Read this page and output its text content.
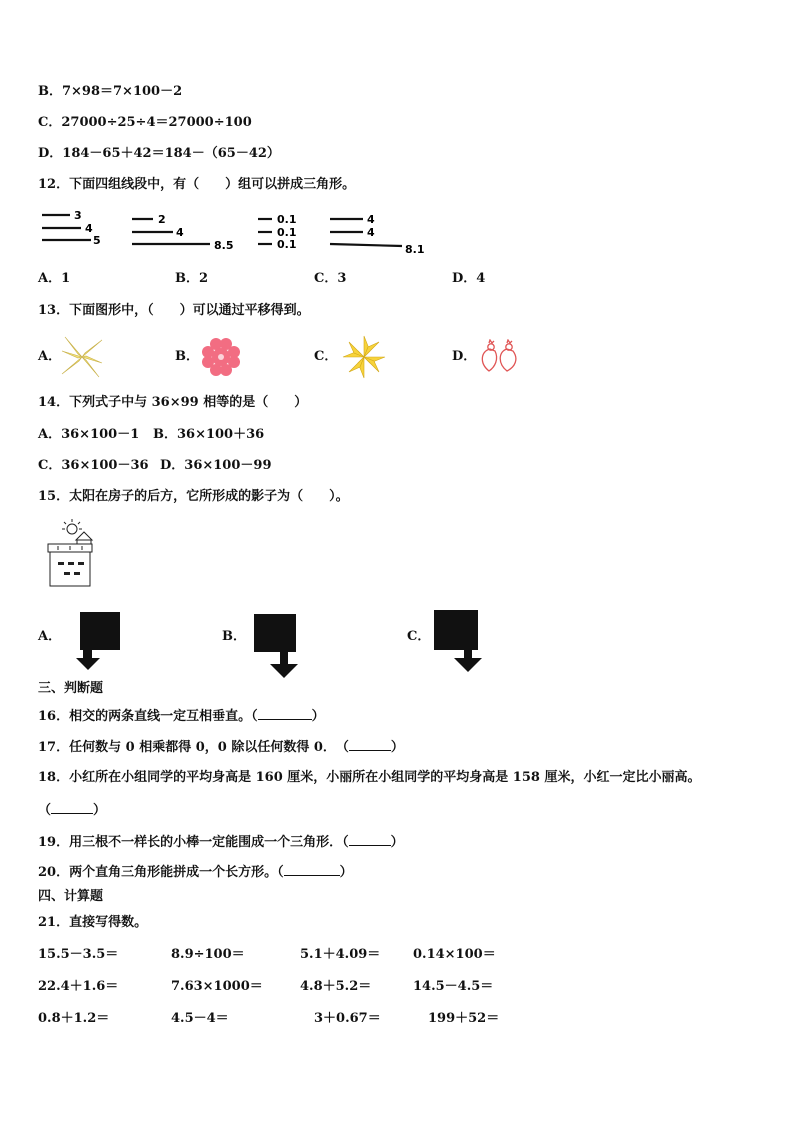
B．7×98＝7×100－2
C．27000÷25÷4＝27000÷100
D．184－65＋42＝184－（65－42）
12．下面四组线段中，有（　　）组可以拼成三角形。
3
4
5
2
4
8.5
0.1
0.1
0.1
4
4
8.1
A．1	B．2	C．3	D．4
13．下面图形中，（　　）可以通过平移得到。
A．	B．	C．	D．
14．下列式子中与 36×99 相等的是（　　）
A．36×100－1 B．36×100＋36
C．36×100－36 D．36×100－99
15．太阳在房子的后方，它所形成的影子为（　　）。
A．	B．	C．
三、判断题
16．相交的两条直线一定互相垂直。（	）
17．任何数与 0 相乘都得 0，0 除以任何数得 0．　（	）
18．小红所在小组同学的平均身高是 160 厘米，小丽所在小组同学的平均身高是 158 厘米，小红一定比小丽高。
（	）
19．用三根不一样长的小棒一定能围成一个三角形．（	）
20．两个直角三角形能拼成一个长方形。（	）
四、计算题
21．直接写得数。
15.5－3.5＝	8.9÷100＝	5.1＋4.09＝	0.14×100＝
22.4＋1.6＝	7.63×1000＝	4.8＋5.2＝	14.5－4.5＝
0.8＋1.2＝	4.5－4＝	3＋0.67＝	199＋52＝
